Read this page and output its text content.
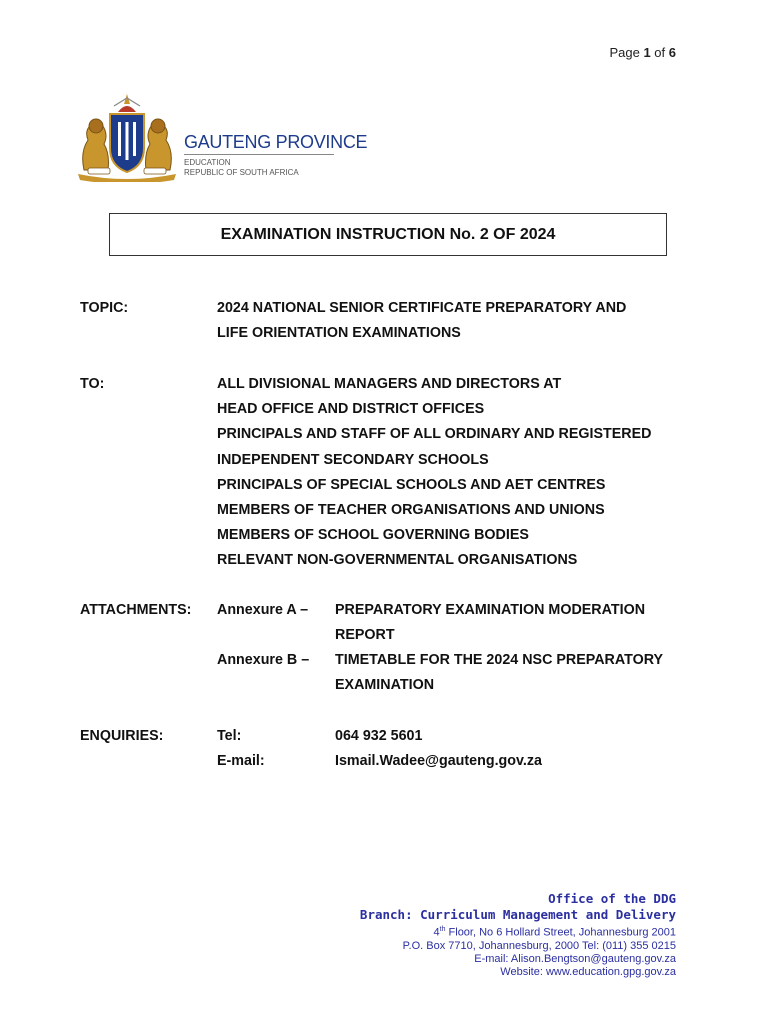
Page 1 of 6
GAUTENG PROVINCE
EDUCATION
REPUBLIC OF SOUTH AFRICA
EXAMINATION INSTRUCTION No. 2 OF 2024
TOPIC:	2024 NATIONAL SENIOR CERTIFICATE PREPARATORY AND
LIFE ORIENTATION EXAMINATIONS
TO:	ALL DIVISIONAL MANAGERS AND DIRECTORS AT
HEAD OFFICE AND DISTRICT OFFICES
PRINCIPALS AND STAFF OF ALL ORDINARY AND REGISTERED
INDEPENDENT SECONDARY SCHOOLS
PRINCIPALS OF SPECIAL SCHOOLS AND AET CENTRES
MEMBERS OF TEACHER ORGANISATIONS AND UNIONS
MEMBERS OF SCHOOL GOVERNING BODIES
RELEVANT NON-GOVERNMENTAL ORGANISATIONS
ATTACHMENTS: Annexure A – PREPARATORY EXAMINATION MODERATION
REPORT
Annexure B – TIMETABLE FOR THE 2024 NSC PREPARATORY
EXAMINATION
ENQUIRIES:	Tel:	064 932 5601
E-mail:	Ismail.Wadee@gauteng.gov.za
Office of the DDG
Branch: Curriculum Management and Delivery
4th Floor, No 6 Hollard Street, Johannesburg 2001
P.O. Box 7710, Johannesburg, 2000 Tel: (011) 355 0215
E-mail: Alison.Bengtson@gauteng.gov.za
Website: www.education.gpg.gov.za
